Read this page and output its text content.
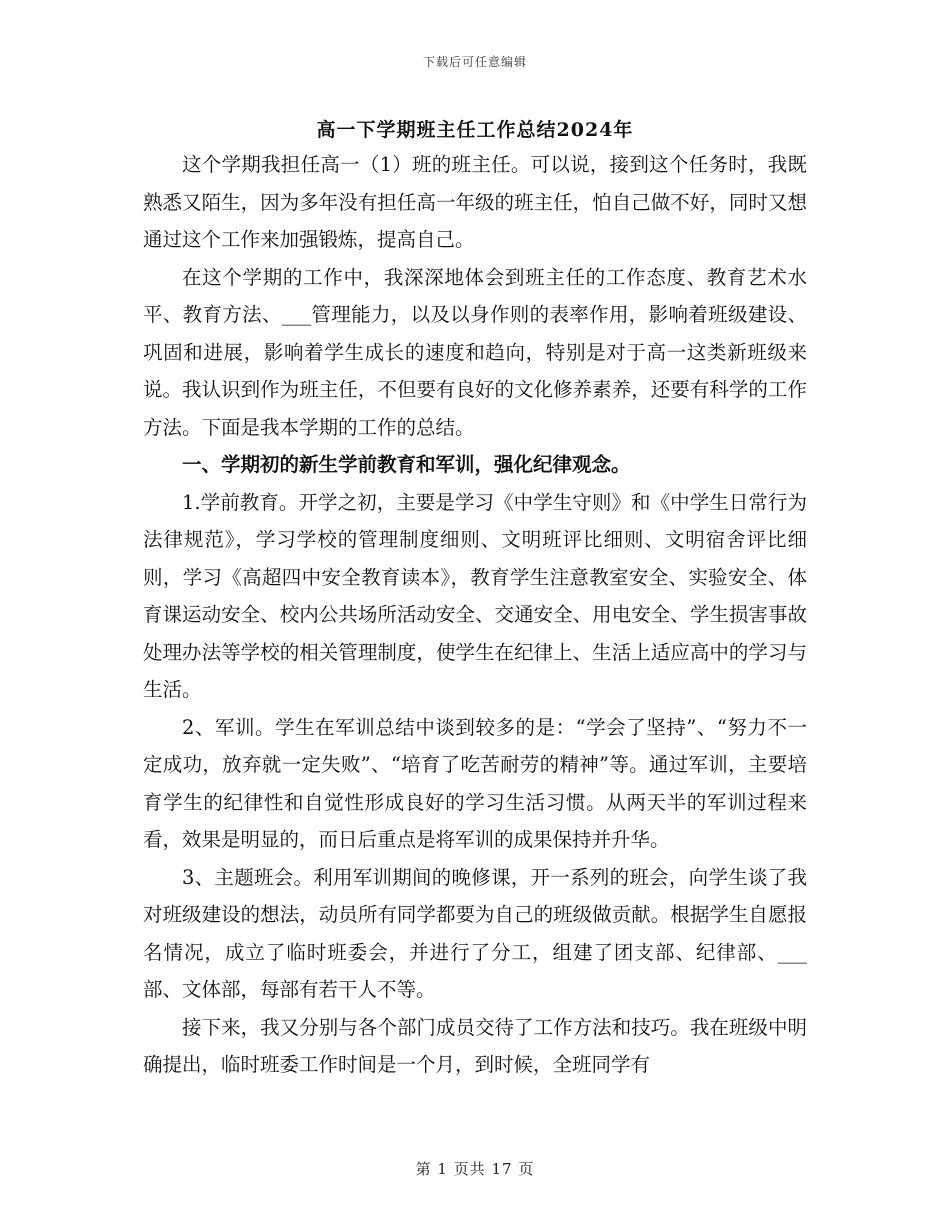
下载后可任意编辑
高一下学期班主任工作总结2024年

这个学期我担任高一（1）班的班主任。可以说，接到这个任务时，我既熟悉又陌生，因为多年没有担任高一年级的班主任，怕自己做不好，同时又想通过这个工作来加强锻炼，提高自己。

在这个学期的工作中，我深深地体会到班主任的工作态度、教育艺术水平、教育方法、___管理能力，以及以身作则的表率作用，影响着班级建设、巩固和进展，影响着学生成长的速度和趋向，特别是对于高一这类新班级来说。我认识到作为班主任，不但要有良好的文化修养素养，还要有科学的工作方法。下面是我本学期的工作的总结。

一、学期初的新生学前教育和军训，强化纪律观念。

1.学前教育。开学之初，主要是学习《中学生守则》和《中学生日常行为法律规范》，学习学校的管理制度细则、文明班评比细则、文明宿舍评比细则，学习《高超四中安全教育读本》，教育学生注意教室安全、实验安全、体育课运动安全、校内公共场所活动安全、交通安全、用电安全、学生损害事故处理办法等学校的相关管理制度，使学生在纪律上、生活上适应高中的学习与生活。

2、军训。学生在军训总结中谈到较多的是：“学会了坚持”、“努力不一定成功，放弃就一定失败”、“培育了吃苦耐劳的精神”等。通过军训，主要培育学生的纪律性和自觉性形成良好的学习生活习惯。从两天半的军训过程来看，效果是明显的，而日后重点是将军训的成果保持并升华。

3、主题班会。利用军训期间的晚修课，开一系列的班会，向学生谈了我对班级建设的想法，动员所有同学都要为自己的班级做贡献。根据学生自愿报名情况，成立了临时班委会，并进行了分工，组建了团支部、纪律部、___部、文体部，每部有若干人不等。

接下来，我又分别与各个部门成员交待了工作方法和技巧。我在班级中明确提出，临时班委工作时间是一个月，到时候，全班同学有

第 1 页共 17 页
